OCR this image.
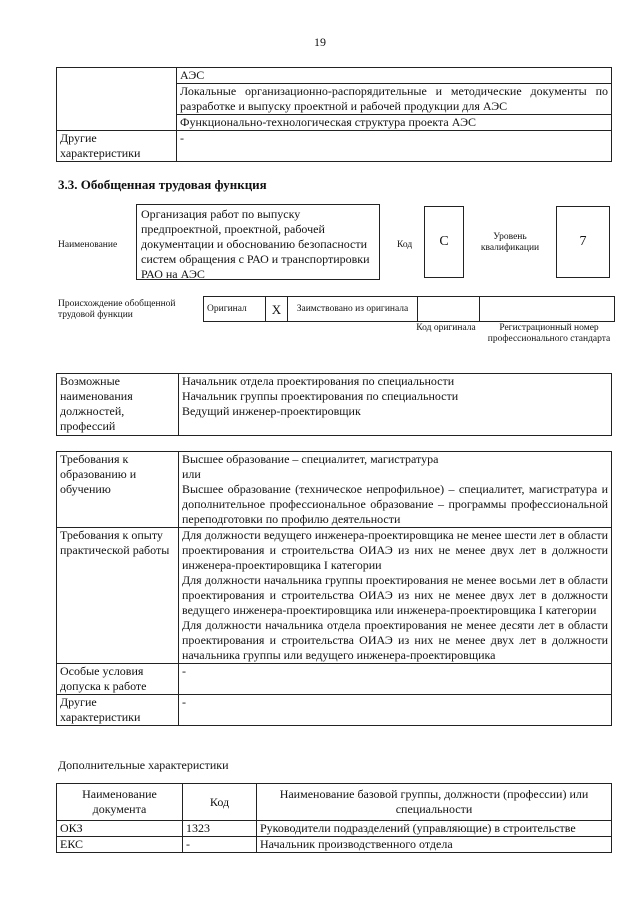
19
	АЭС
	Локальные организационно-распорядительные и методические документы по разработке и выпуску проектной и рабочей продукции для АЭС
	Функционально-технологическая структура проекта АЭС
Другие характеристики	-
3.3. Обобщенная трудовая функция
Наименование
Организация работ по выпуску предпроектной, проектной, рабочей документации и обоснованию безопасности систем обращения с РАО и транспортировки РАО на АЭС
Код С	Уровень квалификации	7
Происхождение обобщенной трудовой функции
Оригинал	X	Заимствовано из оригинала		
Код оригинала	Регистрационный номер профессионального стандарта
Возможные наименования должностей, профессий	
Начальник отдела проектирования по специальности
Начальник группы проектирования по специальности
Ведущий инженер-проектировщик
Требования к образованию и обучению	Высшее образование – специалитет, магистратура
или
Высшее образование (техническое непрофильное) – специалитет, магистратура и дополнительное профессиональное образование – программы профессиональной переподготовки по профилю деятельности

Требования к опыту практической работы	Для должности ведущего инженера-проектировщика не менее шести лет в области проектирования и строительства ОИАЭ из них не менее двух лет в должности инженера-проектировщика I категории
Для должности начальника группы проектирования не менее восьми лет в области проектирования и строительства ОИАЭ из них не менее двух лет в должности ведущего инженера-проектировщика или инженера-проектировщика I категории
Для должности начальника отдела проектирования не менее десяти лет в области проектирования и строительства ОИАЭ из них не менее двух лет в должности начальника группы или ведущего инженера-проектировщика

Особые условия допуска к работе	-
Другие характеристики	-
Дополнительные характеристики
Наименование документа	Код	Наименование базовой группы, должности (профессии) или специальности
ОКЗ	1323	Руководители подразделений (управляющие) в строительстве
ЕКС	-	Начальник производственного отдела
